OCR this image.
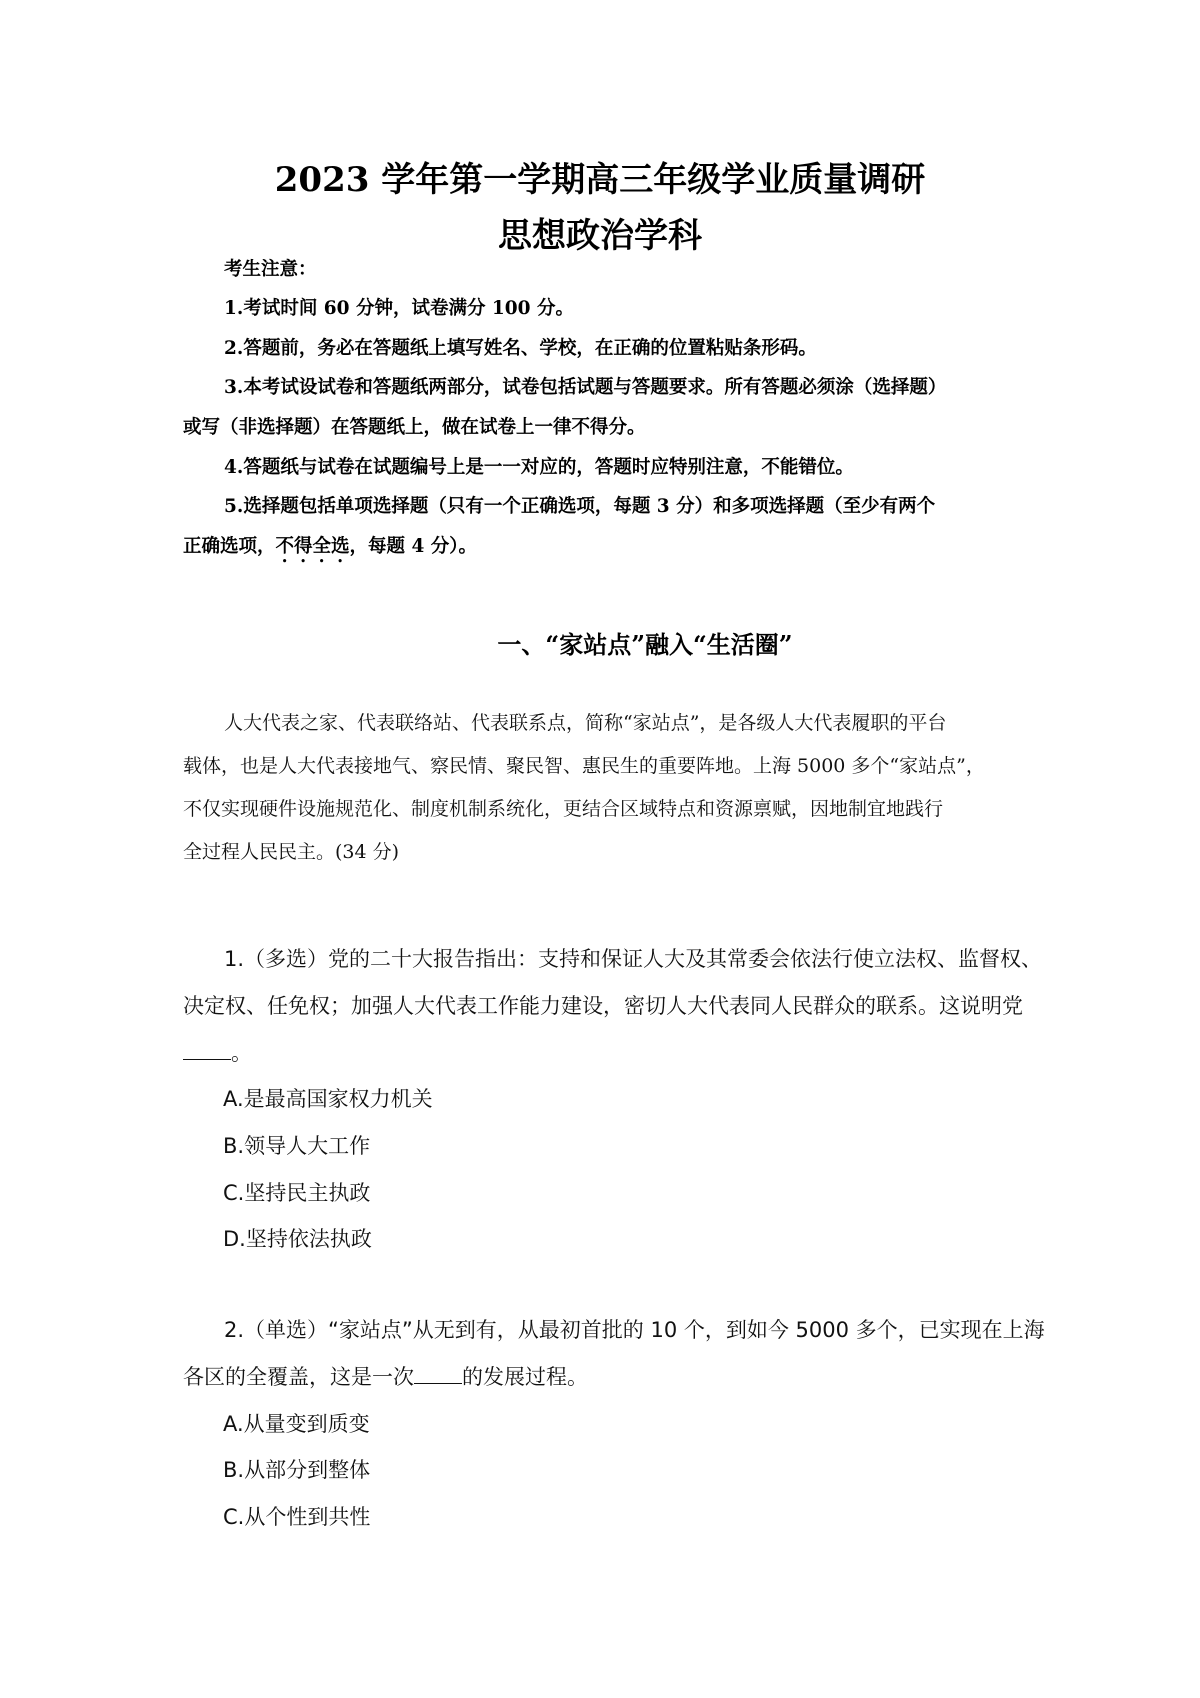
2023 学年第一学期高三年级学业质量调研
思想政治学科
考生注意：
1.考试时间 60 分钟，试卷满分 100 分。
2.答题前，务必在答题纸上填写姓名、学校，在正确的位置粘贴条形码。
3.本考试设试卷和答题纸两部分，试卷包括试题与答题要求。所有答题必须涂（选择题）
或写（非选择题）在答题纸上，做在试卷上一律不得分。
4.答题纸与试卷在试题编号上是一一对应的，答题时应特别注意，不能错位。
5.选择题包括单项选择题（只有一个正确选项，每题 3 分）和多项选择题（至少有两个
正确选项，不得全选，每题 4 分）。
一、“家站点”融入“生活圈”
人大代表之家、代表联络站、代表联系点，简称“家站点”，是各级人大代表履职的平台
载体，也是人大代表接地气、察民情、聚民智、惠民生的重要阵地。上海 5000 多个“家站点”，
不仅实现硬件设施规范化、制度机制系统化，更结合区域特点和资源禀赋，因地制宜地践行
全过程人民民主。(34 分)
1.（多选）党的二十大报告指出：支持和保证人大及其常委会依法行使立法权、监督权、
决定权、任免权；加强人大代表工作能力建设，密切人大代表同人民群众的联系。这说明党
。
A.是最高国家权力机关
B.领导人大工作
C.坚持民主执政
D.坚持依法执政
2.（单选）“家站点”从无到有，从最初首批的 10 个，到如今 5000 多个，已实现在上海
各区的全覆盖，这是一次 的发展过程。
A.从量变到质变
B.从部分到整体
C.从个性到共性
